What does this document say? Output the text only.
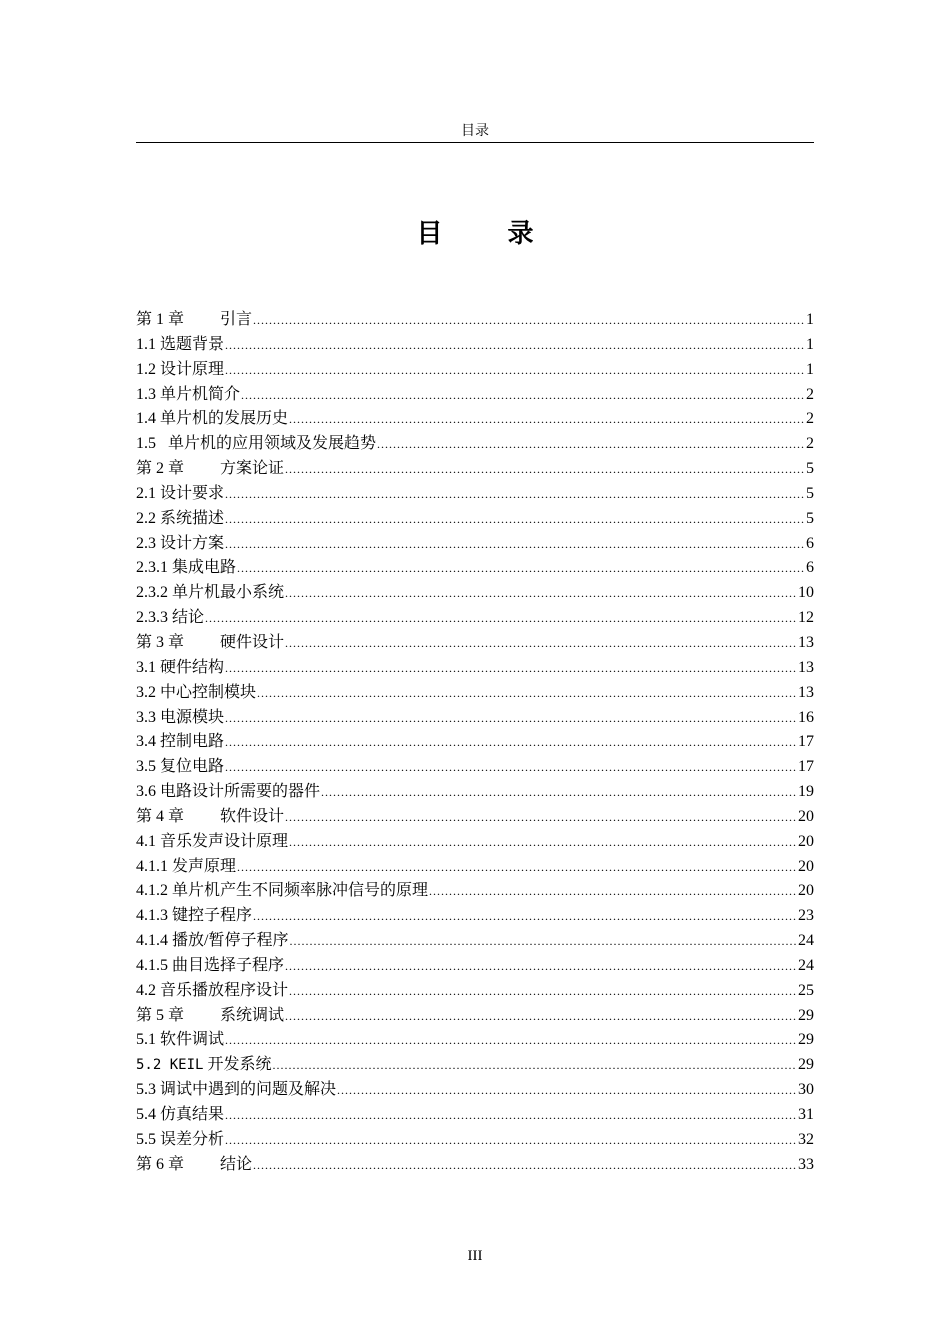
目录
目 录
第 1 章	引言 .....	1
1.1 选题背景 .....	1
1.2 设计原理 .....	1
1.3 单片机简介 .....	2
1.4 单片机的发展历史 .....	2
1.5 单片机的应用领域及发展趋势 .....	2
第 2 章	方案论证 .....	5
2.1 设计要求 .....	5
2.2 系统描述 .....	5
2.3 设计方案 .....	6
2.3.1 集成电路 .....	6
2.3.2 单片机最小系统 .....	10
2.3.3 结论 .....	12
第 3 章	硬件设计 .....	13
3.1 硬件结构 .....	13
3.2 中心控制模块 .....	13
3.3 电源模块 .....	16
3.4 控制电路 .....	17
3.5 复位电路 .....	17
3.6 电路设计所需要的器件 .....	19
第 4 章	软件设计 .....	20
4.1 音乐发声设计原理 .....	20
4.1.1 发声原理 .....	20
4.1.2 单片机产生不同频率脉冲信号的原理 .....	20
4.1.3 键控子程序 .....	23
4.1.4 播放/暂停子程序 .....	24
4.1.5 曲目选择子程序 .....	24
4.2 音乐播放程序设计 .....	25
第 5 章	系统调试 .....	29
5.1 软件调试 .....	29
5.2 KEIL 开发系统 .....	29
5.3 调试中遇到的问题及解决 .....	30
5.4 仿真结果 .....	31
5.5 误差分析 .....	32
第 6 章	结论 .....	33
III
